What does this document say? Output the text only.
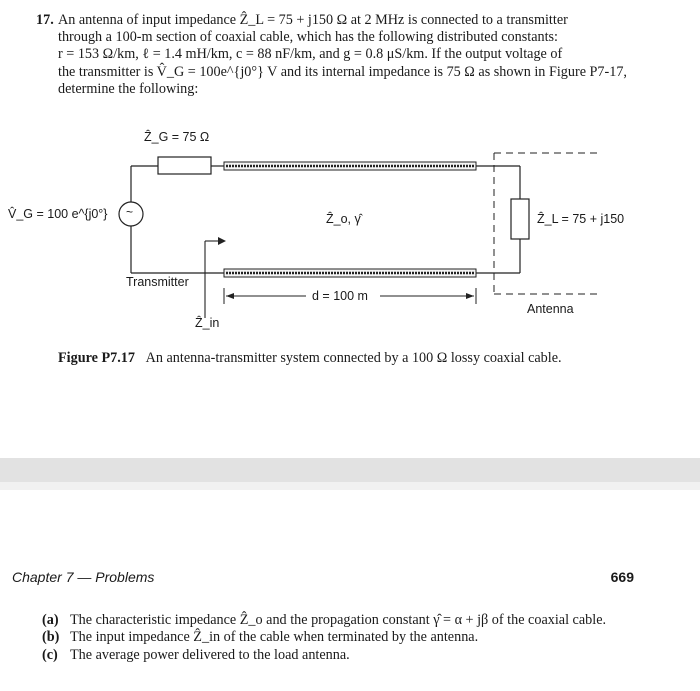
17. An antenna of input impedance Ẑ_L = 75 + j150 Ω at 2 MHz is connected to a transmitter
through a 100-m section of coaxial cable, which has the following distributed constants:
r = 153 Ω/km, ℓ = 1.4 mH/km, c = 88 nF/km, and g = 0.8 μS/km. If the output voltage of
the transmitter is V̂_G = 100e^{j0°} V and its internal impedance is 75 Ω as shown in Figure P7-17,
determine the following:
Ẑ_G = 75 Ω
V̂_G = 100 e^{j0°} ~	Ẑ_o, γ̂	Ẑ_L = 75 + j150
Transmitter
d = 100 m
Antenna
Ẑ_in
Figure P7.17 An antenna-transmitter system connected by a 100 Ω lossy coaxial cable.
Chapter 7 — Problems	669
(a) The characteristic impedance Ẑ_o and the propagation constant γ̂ = α + jβ of the coaxial cable.
(b) The input impedance Ẑ_in of the cable when terminated by the antenna.
(c) The average power delivered to the load antenna.
